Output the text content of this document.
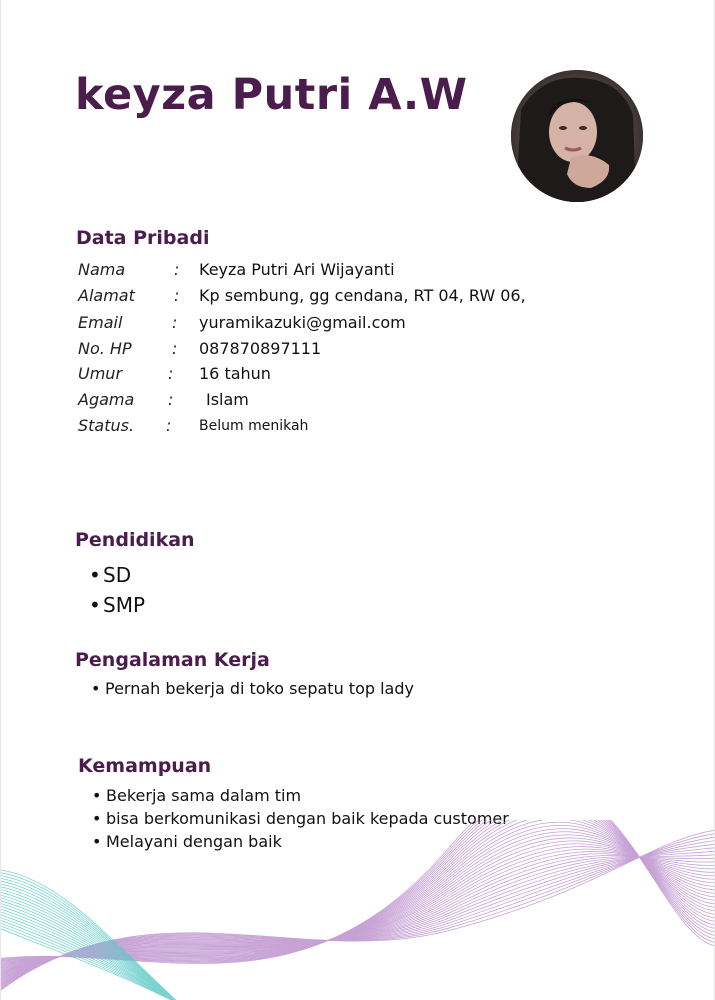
keyza Putri A.W
Data Pribadi
Nama	: Keyza Putri Ari Wijayanti
Alamat : Kp sembung, gg cendana, RT 04, RW 06,
Email	: yuramikazuki@gmail.com
No. HP	: 087870897111
Umur	: 16 tahun
Agama : Islam
Status. : Belum menikah
Pendidikan
• SD
• SMP
Pengalaman Kerja
• Pernah bekerja di toko sepatu top lady
Kemampuan
• Bekerja sama dalam tim
• bisa berkomunikasi dengan baik kepada customer
• Melayani dengan baik
